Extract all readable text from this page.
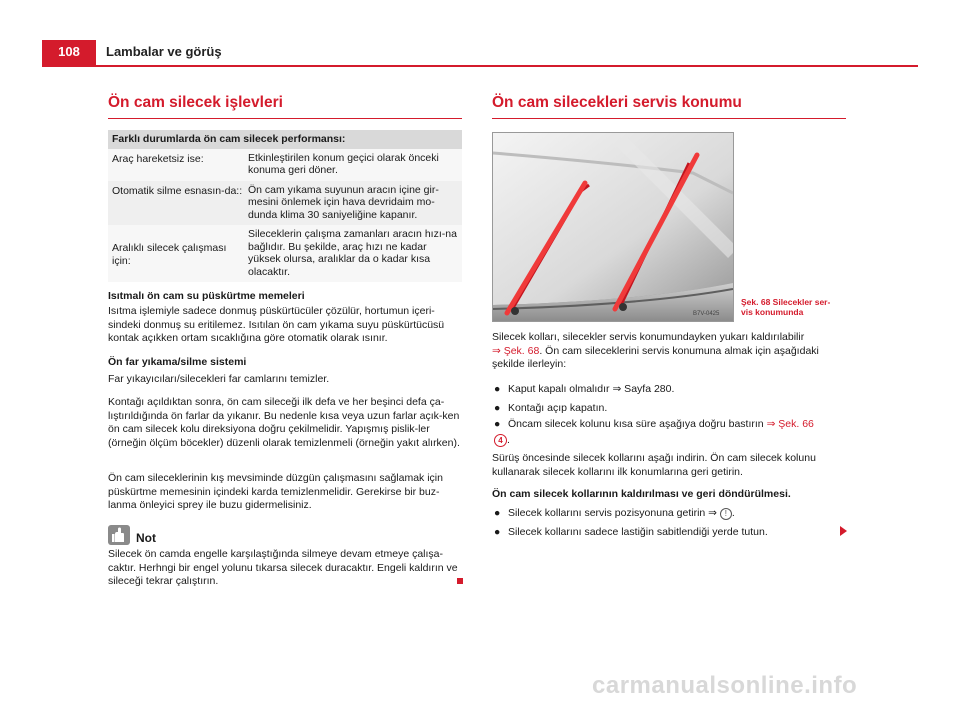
108	Lambalar ve görüş
Ön cam silecek işlevleri
Farklı durumlarda ön cam silecek performansı:
Araç hareketsiz ise:	Etkinleştirilen konum geçici olarak önceki konuma geri döner.
Otomatik silme esnasın-da:: Ön cam yıkama suyunun aracın içine gir-mesini önlemek için hava devridaim mo-dunda klima 30 saniyeliğine kapanır.
Aralıklı silecek çalışması için:
Sileceklerin çalışma zamanları aracın hızı-na bağlıdır. Bu şekilde, araç hızı ne kadar yüksek olursa, aralıklar da o kadar kısa olacaktır.
Isıtmalı ön cam su püskürtme memeleri
Isıtma işlemiyle sadece donmuş püskürtücüler çözülür, hortumun içeri-sindeki donmuş su eritilemez. Isıtılan ön cam yıkama suyu püskürtücüsü kontak açıkken ortam sıcaklığına göre otomatik olarak ısınır.
Ön far yıkama/silme sistemi
Far yıkayıcıları/silecekleri far camlarını temizler.
Kontağı açıldıktan sonra, ön cam sileceği ilk defa ve her beşinci defa ça-lıştırıldığında ön farlar da yıkanır. Bu nedenle kısa veya uzun farlar açık-ken ön cam silecek kolu direksiyona doğru çekilmelidir. Yapışmış pislik-ler (örneğin ölçüm böcekler) düzenli olarak temizlenmeli (örneğin yakıt alırken).
Ön cam sileceklerinin kış mevsiminde düzgün çalışmasını sağlamak için püskürtme memesinin içindeki karda temizlenmelidir. Gerekirse bir buz-lanma önleyici sprey ile buzu gidermelisiniz.
Not
Silecek ön camda engelle karşılaştığında silmeye devam etmeye çalışa-caktır. Herhngi bir engel yolunu tıkarsa silecek duracaktır. Engeli kaldırın ve sileceği tekrar çalıştırın.
Ön cam silecekleri servis konumu
B7V-0425
Şek. 68 Silecekler ser-
vis konumunda
Silecek kolları, silecekler servis konumundayken yukarı kaldırılabilir
⇒ Şek. 68. Ön cam sileceklerini servis konumuna almak için aşağıdaki şekilde ilerleyin:
● Kaput kapalı olmalıdır ⇒ Sayfa 280.
● Kontağı açıp kapatın.
● Öncam silecek kolunu kısa süre aşağıya doğru bastırın ⇒ Şek. 66
4 .
Sürüş öncesinde silecek kollarını aşağı indirin. Ön cam silecek kolunu kullanarak silecek kollarını ilk konumlarına geri getirin.
Ön cam silecek kollarının kaldırılması ve geri döndürülmesi.
● Silecek kollarını servis pozisyonuna getirin ⇒ ! .
● Silecek kollarını sadece lastiğin sabitlendiği yerde tutun.
carmanualsonline.info
